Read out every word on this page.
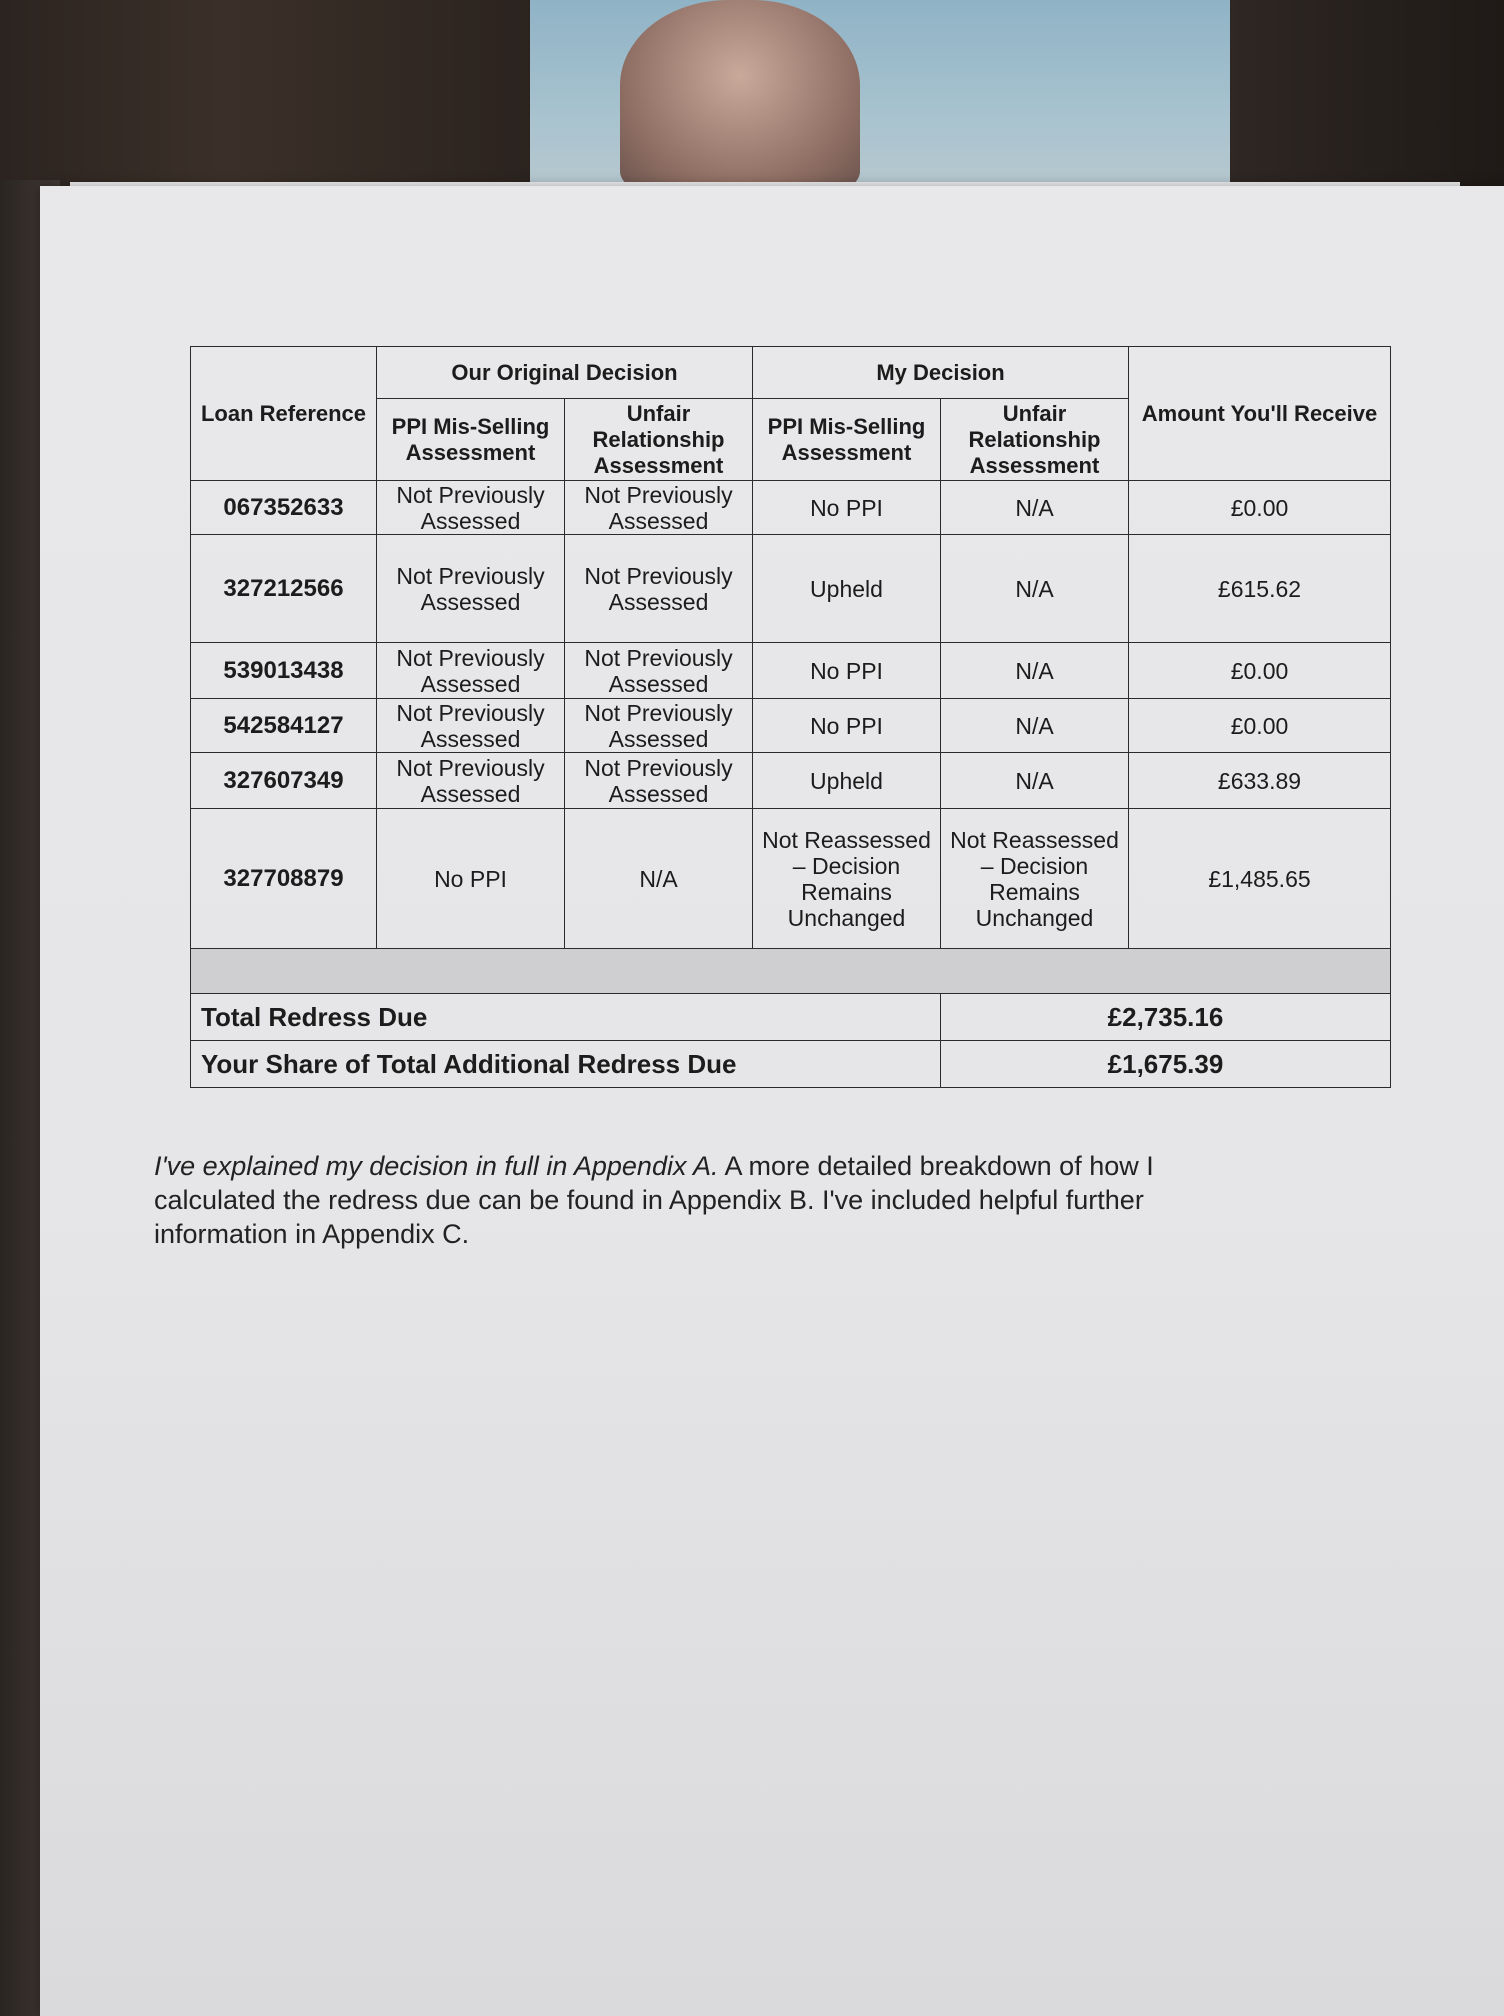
Loan Reference	Our Original Decision		My Decision		Amount You'll Receive
	PPI Mis-Selling Assessment	Unfair Relationship Assessment	PPI Mis-Selling Assessment	Unfair Relationship Assessment	
067352633	Not Previously Assessed	Not Previously Assessed	No PPI	N/A	£0.00
327212566	Not Previously Assessed	Not Previously Assessed	Upheld	N/A	£615.62
539013438	Not Previously Assessed	Not Previously Assessed	No PPI	N/A	£0.00
542584127	Not Previously Assessed	Not Previously Assessed	No PPI	N/A	£0.00
327607349	Not Previously Assessed	Not Previously Assessed	Upheld	N/A	£633.89
327708879	No PPI	N/A	Not Reassessed – Decision Remains Unchanged	Not Reassessed – Decision Remains Unchanged	£1,485.65

Total Redress Due				£2,735.16	
Your Share of Total Additional Redress Due				£1,675.39	

I've explained my decision in full in Appendix A. A more detailed breakdown of how I calculated the redress due can be found in Appendix B. I've included helpful further information in Appendix C.
